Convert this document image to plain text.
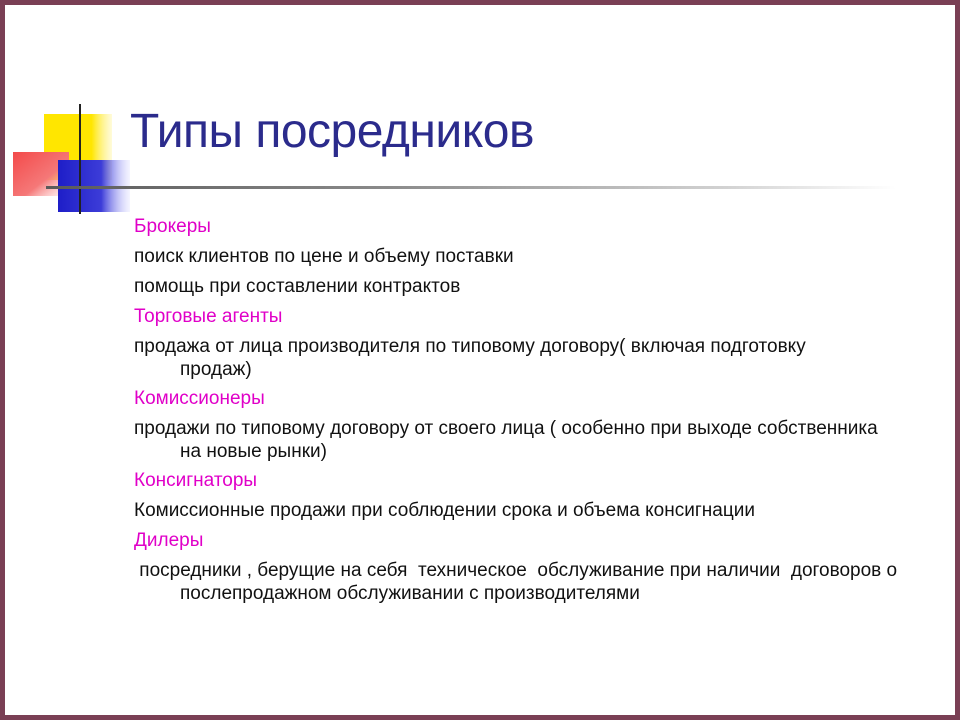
Типы посредников
Брокеры
поиск клиентов по цене и объему поставки
помощь при составлении контрактов
Торговые агенты
продажа от лица производителя по типовому договору( включая подготовку
продаж)
Комиссионеры
продажи по типовому договору от своего лица ( особенно при выходе собственника
на новые рынки)
Консигнаторы
Комиссионные продажи при соблюдении срока и объема консигнации
Дилеры
посредники , берущие на себя  техническое  обслуживание при наличии  договоров о
послепродажном обслуживании с производителями
